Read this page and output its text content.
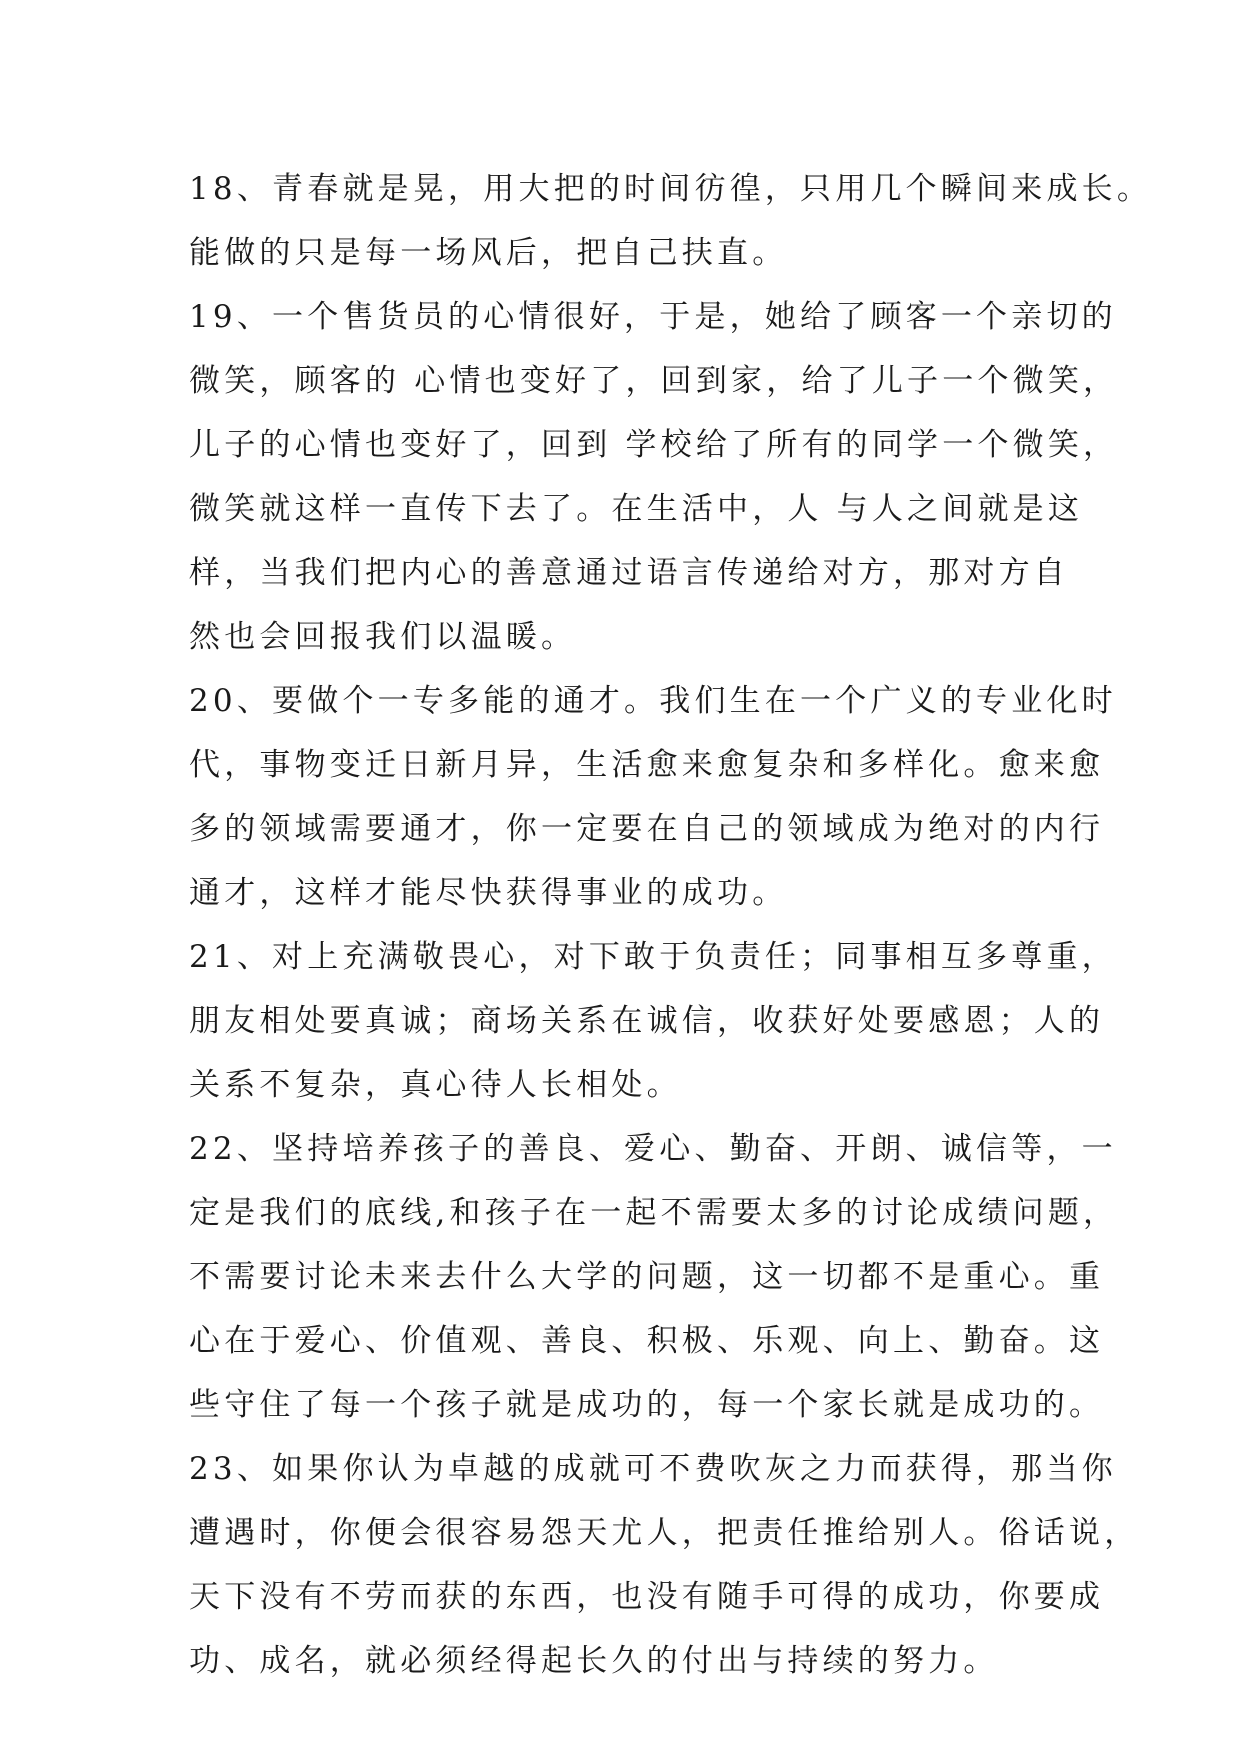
18、青春就是晃，用大把的时间彷徨，只用几个瞬间来成长。
能做的只是每一场风后，把自己扶直。
19、一个售货员的心情很好，于是，她给了顾客一个亲切的
微笑，顾客的 心情也变好了，回到家，给了儿子一个微笑，
儿子的心情也变好了，回到 学校给了所有的同学一个微笑，
微笑就这样一直传下去了。在生活中，人 与人之间就是这
样，当我们把内心的善意通过语言传递给对方，那对方自
然也会回报我们以温暖。
20、要做个一专多能的通才。我们生在一个广义的专业化时
代，事物变迁日新月异，生活愈来愈复杂和多样化。愈来愈
多的领域需要通才，你一定要在自己的领域成为绝对的内行
通才，这样才能尽快获得事业的成功。
21、对上充满敬畏心，对下敢于负责任；同事相互多尊重，
朋友相处要真诚；商场关系在诚信，收获好处要感恩；人的
关系不复杂，真心待人长相处。
22、坚持培养孩子的善良、爱心、勤奋、开朗、诚信等，一
定是我们的底线,和孩子在一起不需要太多的讨论成绩问题，
不需要讨论未来去什么大学的问题，这一切都不是重心。重
心在于爱心、价值观、善良、积极、乐观、向上、勤奋。这
些守住了每一个孩子就是成功的，每一个家长就是成功的。
23、如果你认为卓越的成就可不费吹灰之力而获得，那当你
遭遇时，你便会很容易怨天尤人，把责任推给别人。俗话说，
天下没有不劳而获的东西，也没有随手可得的成功，你要成
功、成名，就必须经得起长久的付出与持续的努力。
